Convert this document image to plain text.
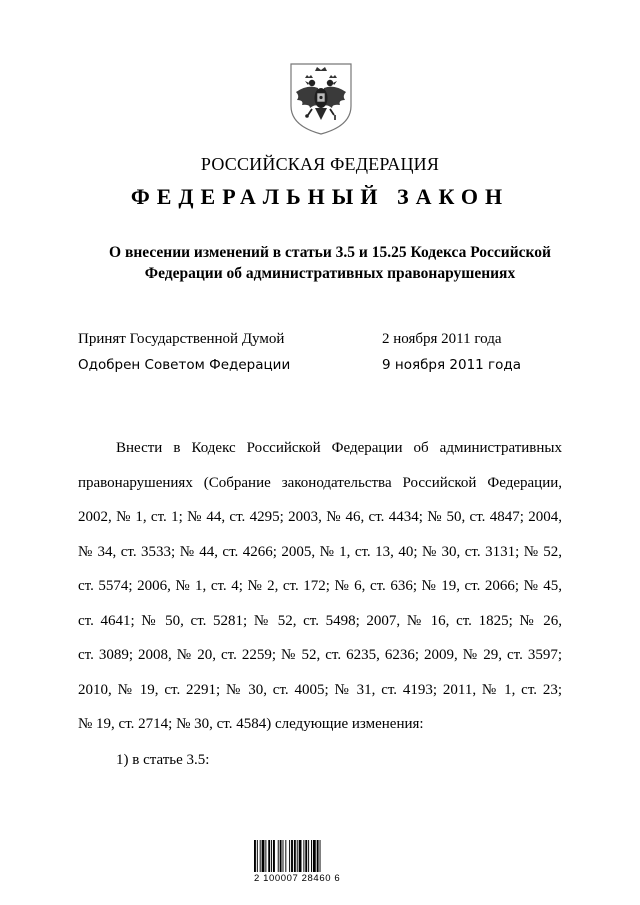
РОССИЙСКАЯ ФЕДЕРАЦИЯ
ФЕДЕРАЛЬНЫЙ ЗАКОН
О внесении изменений в статьи 3.5 и 15.25 Кодекса Российской
Федерации об административных правонарушениях
Принят Государственной Думой	2 ноября 2011 года
Одобрен Советом Федерации	9 ноября 2011 года
Внести в Кодекс Российской Федерации об административных
правонарушениях (Собрание законодательства Российской Федерации,
2002, № 1, ст. 1; № 44, ст. 4295; 2003, № 46, ст. 4434; № 50, ст. 4847; 2004,
№ 34, ст. 3533; № 44, ст. 4266; 2005, № 1, ст. 13, 40; № 30, ст. 3131; № 52,
ст. 5574; 2006, № 1, ст. 4; № 2, ст. 172; № 6, ст. 636; № 19, ст. 2066; № 45,
ст. 4641; № 50, ст. 5281; № 52, ст. 5498; 2007, № 16, ст. 1825; № 26,
ст. 3089; 2008, № 20, ст. 2259; № 52, ст. 6235, 6236; 2009, № 29, ст. 3597;
2010, № 19, ст. 2291; № 30, ст. 4005; № 31, ст. 4193; 2011, № 1, ст. 23;
№ 19, ст. 2714; № 30, ст. 4584) следующие изменения:
1) в статье 3.5:
2 100007 28460 6
